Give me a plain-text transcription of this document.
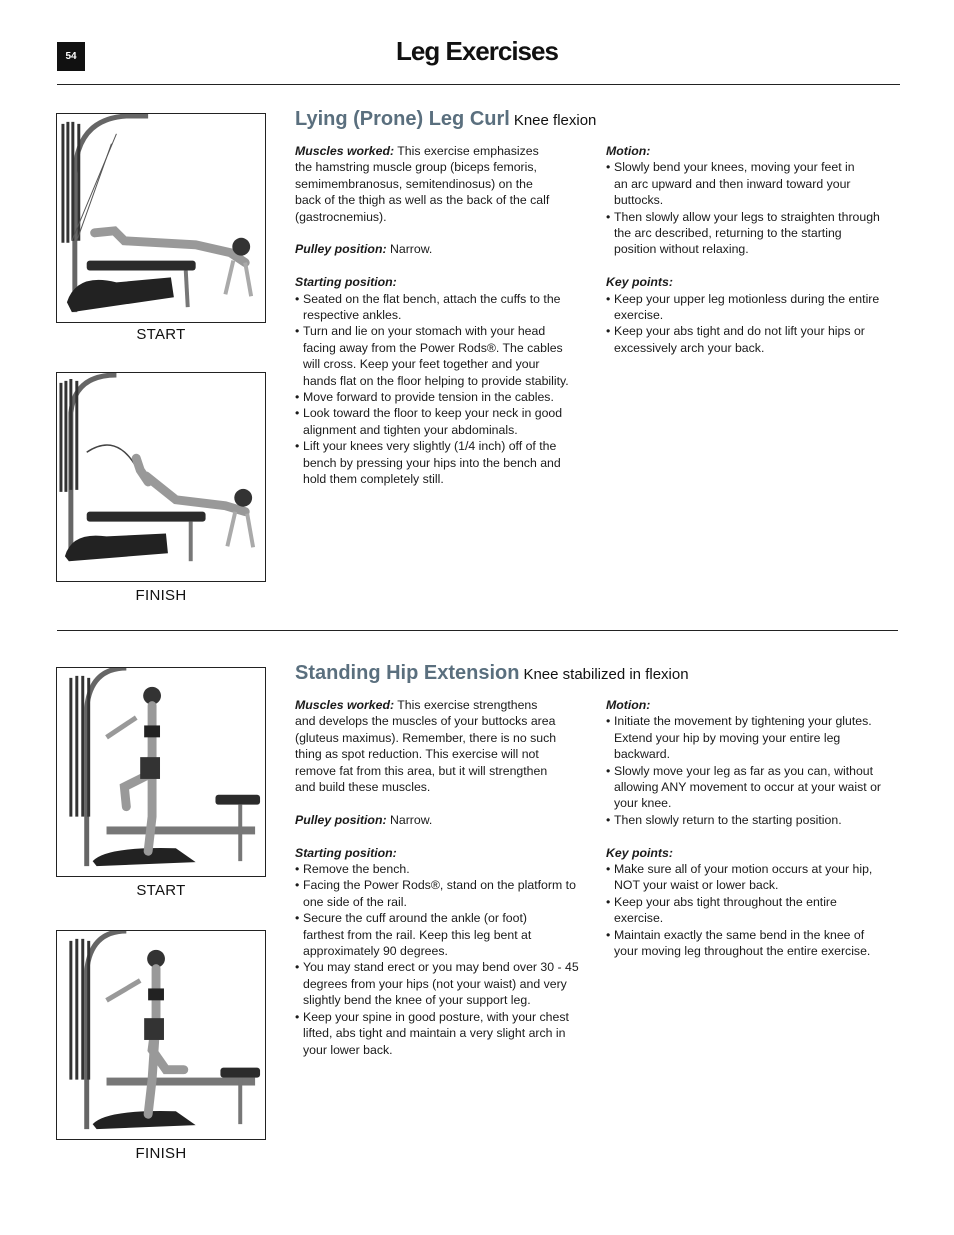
54	Leg Exercises
START
FINISH
Lying (Prone) Leg Curl Knee flexion

Muscles worked: This exercise emphasizes
the hamstring muscle group (biceps femoris,
semimembranosus, semitendinosus) on the
back of the thigh as well as the back of the calf
(gastrocnemius).

Pulley position: Narrow.

Starting position:

• Seated on the flat bench, attach the cuffs to the
respective ankles.
• Turn and lie on your stomach with your head
facing away from the Power Rods®. The cables
will cross. Keep your feet together and your
hands flat on the floor helping to provide stability.
• Move forward to provide tension in the cables.
• Look toward the floor to keep your neck in good
alignment and tighten your abdominals.
• Lift your knees very slightly (1/4 inch) off of the
bench by pressing your hips into the bench and
hold them completely still.

Motion:

• Slowly bend your knees, moving your feet in
an arc upward and then inward toward your
buttocks.
• Then slowly allow your legs to straighten through
the arc described, returning to the starting
position without relaxing.

Key points:

• Keep your upper leg motionless during the entire
exercise.
• Keep your abs tight and do not lift your hips or
excessively arch your back.
START
FINISH
Standing Hip Extension Knee stabilized in flexion

Muscles worked: This exercise strengthens
and develops the muscles of your buttocks area
(gluteus maximus). Remember, there is no such
thing as spot reduction. This exercise will not
remove fat from this area, but it will strengthen
and build these muscles.

Pulley position: Narrow.

Starting position:

• Remove the bench.
• Facing the Power Rods®, stand on the platform to
one side of the rail.
• Secure the cuff around the ankle (or foot)
farthest from the rail. Keep this leg bent at
approximately 90 degrees.
• You may stand erect or you may bend over 30 - 45
degrees from your hips (not your waist) and very
slightly bend the knee of your support leg.
• Keep your spine in good posture, with your chest
lifted, abs tight and maintain a very slight arch in
your lower back.

Motion:

• Initiate the movement by tightening your glutes.
Extend your hip by moving your entire leg
backward.
• Slowly move your leg as far as you can, without
allowing ANY movement to occur at your waist or
your knee.
• Then slowly return to the starting position.

Key points:

• Make sure all of your motion occurs at your hip,
NOT your waist or lower back.
• Keep your abs tight throughout the entire
exercise.
• Maintain exactly the same bend in the knee of
your moving leg throughout the entire exercise.
